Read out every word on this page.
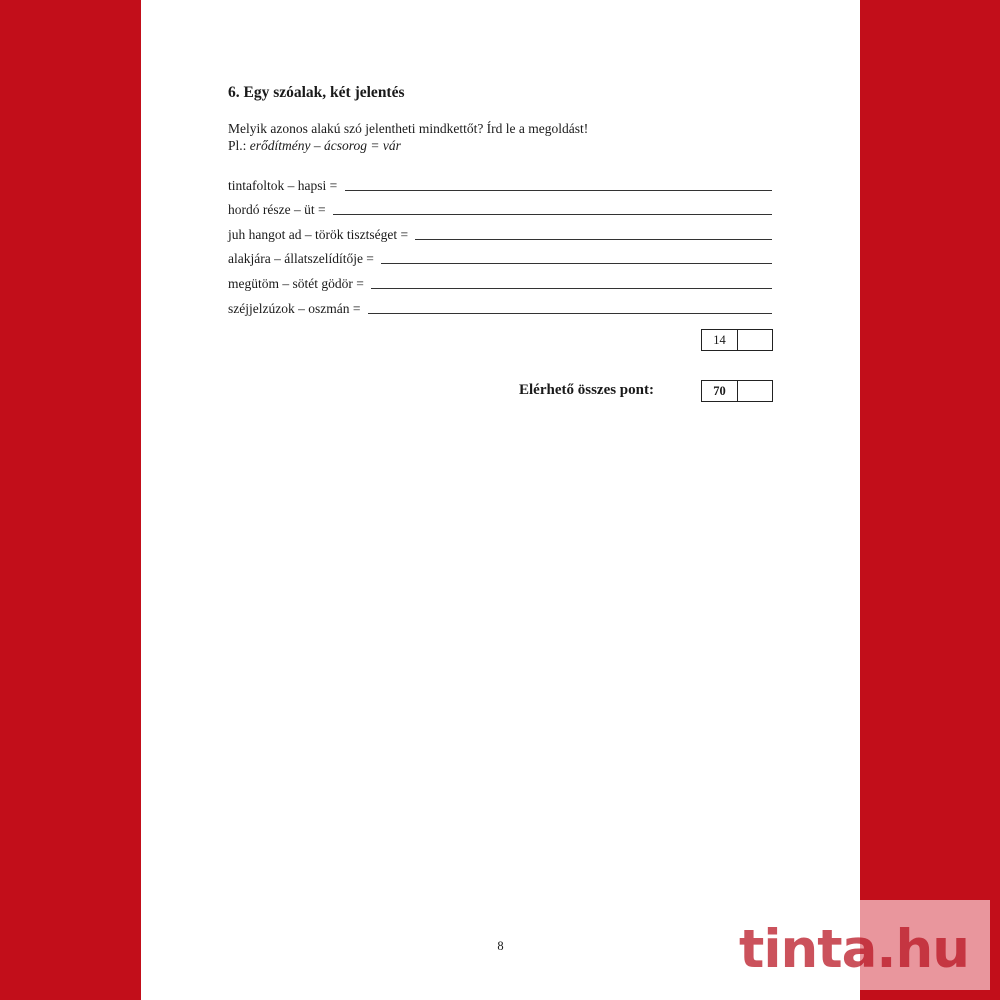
6. Egy szóalak, két jelentés
Melyik azonos alakú szó jelentheti mindkettőt? Írd le a megoldást!
Pl.: erődítmény – ácsorog = vár
tintafoltok – hapsi =
hordó része – üt =
juh hangot ad – török tisztséget =
alakjára – állatszelídítője =
megütöm – sötét gödör =
széjjelzúzok – oszmán =
14
Elérhető összes pont:	70
8	tinta.hu
